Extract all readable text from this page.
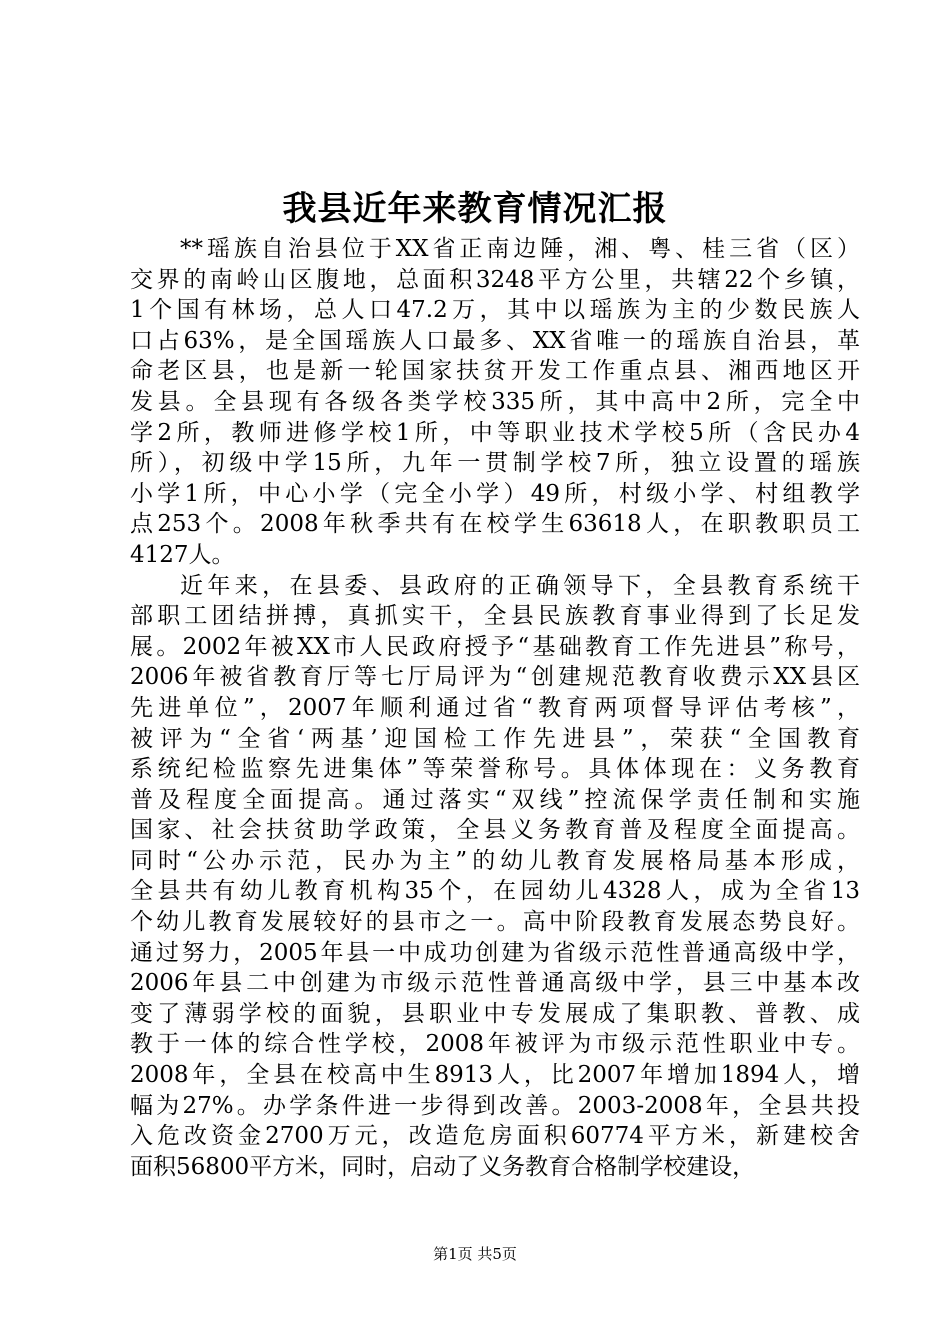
我县近年来教育情况汇报
**瑶族自治县位于XX省正南边陲，湘、粤、桂三省（区）
交界的南岭山区腹地，总面积3248平方公里，共辖22个乡镇，
1个国有林场，总人口47.2万，其中以瑶族为主的少数民族人
口占63%，是全国瑶族人口最多、XX省唯一的瑶族自治县，革
命老区县，也是新一轮国家扶贫开发工作重点县、湘西地区开
发县。全县现有各级各类学校335所，其中高中2所，完全中
学2所，教师进修学校1所，中等职业技术学校5所（含民办4
所），初级中学15所，九年一贯制学校7所，独立设置的瑶族
小学1所，中心小学（完全小学）49所，村级小学、村组教学
点253个。2008年秋季共有在校学生63618人，在职教职员工
4127人。
近年来，在县委、县政府的正确领导下，全县教育系统干
部职工团结拼搏，真抓实干，全县民族教育事业得到了长足发
展。2002年被XX市人民政府授予“基础教育工作先进县”称号，
2006年被省教育厅等七厅局评为“创建规范教育收费示XX县区
先进单位”，2007年顺利通过省“教育两项督导评估考核”，
被评为“全省‘两基’迎国检工作先进县”，荣获“全国教育
系统纪检监察先进集体”等荣誉称号。具体体现在：义务教育
普及程度全面提高。通过落实“双线”控流保学责任制和实施
国家、社会扶贫助学政策，全县义务教育普及程度全面提高。
同时“公办示范，民办为主”的幼儿教育发展格局基本形成，
全县共有幼儿教育机构35个，在园幼儿4328人，成为全省13
个幼儿教育发展较好的县市之一。高中阶段教育发展态势良好。
通过努力，2005年县一中成功创建为省级示范性普通高级中学，
2006年县二中创建为市级示范性普通高级中学，县三中基本改
变了薄弱学校的面貌，县职业中专发展成了集职教、普教、成
教于一体的综合性学校，2008年被评为市级示范性职业中专。
2008年，全县在校高中生8913人，比2007年增加1894人，增
幅为27%。办学条件进一步得到改善。2003-2008年，全县共投
入危改资金2700万元，改造危房面积60774平方米，新建校舍
面积56800平方米，同时，启动了义务教育合格制学校建设，
第1页 共5页
